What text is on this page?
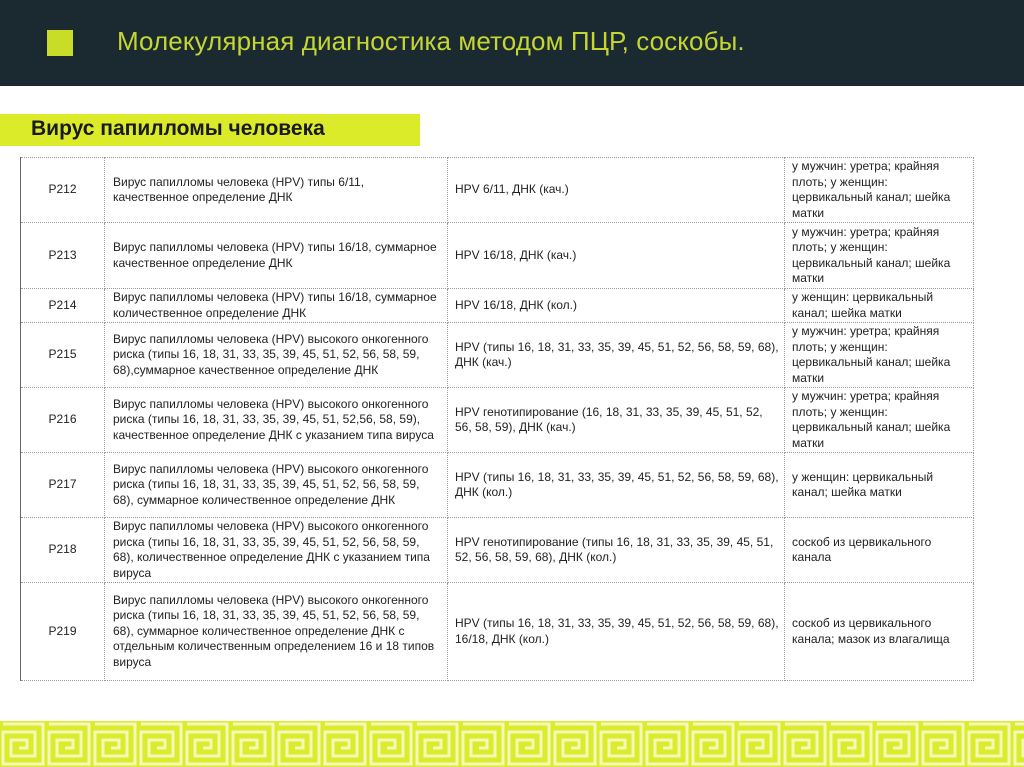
Молекулярная диагностика методом ПЦР, соскобы.
Вирус папилломы человека
P212	Вирус папилломы человека (HPV) типы 6/11, качественное определение ДНК	HPV 6/11, ДНК (кач.)	у мужчин: уретра; крайняя плоть; у женщин: цервикальный канал; шейка матки
P213	Вирус папилломы человека (HPV) типы 16/18, суммарное качественное определение ДНК	HPV 16/18, ДНК (кач.)	у мужчин: уретра; крайняя плоть; у женщин: цервикальный канал; шейка матки
P214	Вирус папилломы человека (HPV) типы 16/18, суммарное количественное определение ДНК	HPV 16/18, ДНК (кол.)	у женщин: цервикальный канал; шейка матки
P215	Вирус папилломы человека (HPV) высокого онкогенного риска (типы 16, 18, 31, 33, 35, 39, 45, 51, 52, 56, 58, 59, 68),суммарное качественное определение ДНК	HPV (типы 16, 18, 31, 33, 35, 39, 45, 51, 52, 56, 58, 59, 68), ДНК (кач.)	у мужчин: уретра; крайняя плоть; у женщин: цервикальный канал; шейка матки
P216	Вирус папилломы человека (HPV) высокого онкогенного риска (типы 16, 18, 31, 33, 35, 39, 45, 51, 52,56, 58, 59), качественное определение ДНК с указанием типа вируса	HPV генотипирование (16, 18, 31, 33, 35, 39, 45, 51, 52, 56, 58, 59), ДНК (кач.)	у мужчин: уретра; крайняя плоть; у женщин: цервикальный канал; шейка матки
P217	Вирус папилломы человека (HPV) высокого онкогенного риска (типы 16, 18, 31, 33, 35, 39, 45, 51, 52, 56, 58, 59, 68), суммарное количественное определение ДНК	HPV (типы 16, 18, 31, 33, 35, 39, 45, 51, 52, 56, 58, 59, 68), ДНК (кол.)	у женщин: цервикальный канал; шейка матки
P218	Вирус папилломы человека (HPV) высокого онкогенного риска (типы 16, 18, 31, 33, 35, 39, 45, 51, 52, 56, 58, 59, 68), количественное определение ДНК с указанием типа вируса	HPV генотипирование (типы 16, 18, 31, 33, 35, 39, 45, 51, 52, 56, 58, 59, 68), ДНК (кол.)	соскоб из цервикального канала
P219	Вирус папилломы человека (HPV) высокого онкогенного риска (типы 16, 18, 31, 33, 35, 39, 45, 51, 52, 56, 58, 59, 68), суммарное количественное определение ДНК с отдельным количественным определением 16 и 18 типов вируса	HPV (типы 16, 18, 31, 33, 35, 39, 45, 51, 52, 56, 58, 59, 68), 16/18, ДНК (кол.)	соскоб из цервикального канала; мазок из влагалища
